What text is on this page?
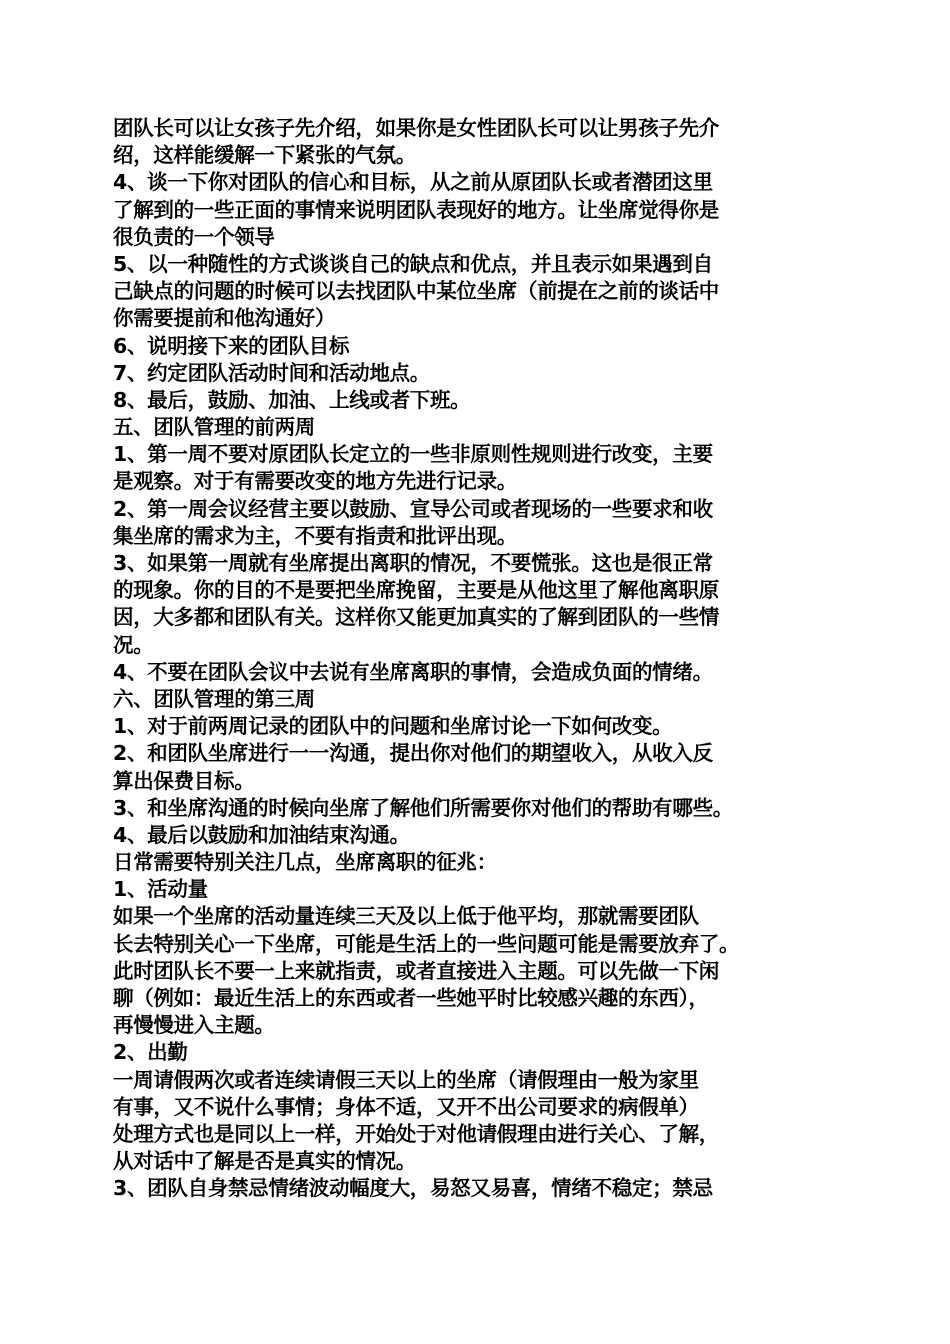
团队长可以让女孩子先介绍，如果你是女性团队长可以让男孩子先介
绍，这样能缓解一下紧张的气氛。
4、谈一下你对团队的信心和目标，从之前从原团队长或者潜团这里
了解到的一些正面的事情来说明团队表现好的地方。让坐席觉得你是
很负责的一个领导
5、以一种随性的方式谈谈自己的缺点和优点，并且表示如果遇到自
己缺点的问题的时候可以去找团队中某位坐席（前提在之前的谈话中
你需要提前和他沟通好）
6、说明接下来的团队目标
7、约定团队活动时间和活动地点。
8、最后，鼓励、加油、上线或者下班。
五、团队管理的前两周
1、第一周不要对原团队长定立的一些非原则性规则进行改变，主要
是观察。对于有需要改变的地方先进行记录。
2、第一周会议经营主要以鼓励、宣导公司或者现场的一些要求和收
集坐席的需求为主，不要有指责和批评出现。
3、如果第一周就有坐席提出离职的情况，不要慌张。这也是很正常
的现象。你的目的不是要把坐席挽留，主要是从他这里了解他离职原
因，大多都和团队有关。这样你又能更加真实的了解到团队的一些情
况。
4、不要在团队会议中去说有坐席离职的事情，会造成负面的情绪。
六、团队管理的第三周
1、对于前两周记录的团队中的问题和坐席讨论一下如何改变。
2、和团队坐席进行一一沟通，提出你对他们的期望收入，从收入反
算出保费目标。
3、和坐席沟通的时候向坐席了解他们所需要你对他们的帮助有哪些。
4、最后以鼓励和加油结束沟通。
日常需要特别关注几点，坐席离职的征兆：
1、活动量
如果一个坐席的活动量连续三天及以上低于他平均，那就需要团队
长去特别关心一下坐席，可能是生活上的一些问题可能是需要放弃了。
此时团队长不要一上来就指责，或者直接进入主题。可以先做一下闲
聊（例如：最近生活上的东西或者一些她平时比较感兴趣的东西），
再慢慢进入主题。
2、出勤
一周请假两次或者连续请假三天以上的坐席（请假理由一般为家里
有事，又不说什么事情；身体不适，又开不出公司要求的病假单）
处理方式也是同以上一样，开始处于对他请假理由进行关心、了解，
从对话中了解是否是真实的情况。
3、团队自身禁忌情绪波动幅度大，易怒又易喜，情绪不稳定；禁忌
